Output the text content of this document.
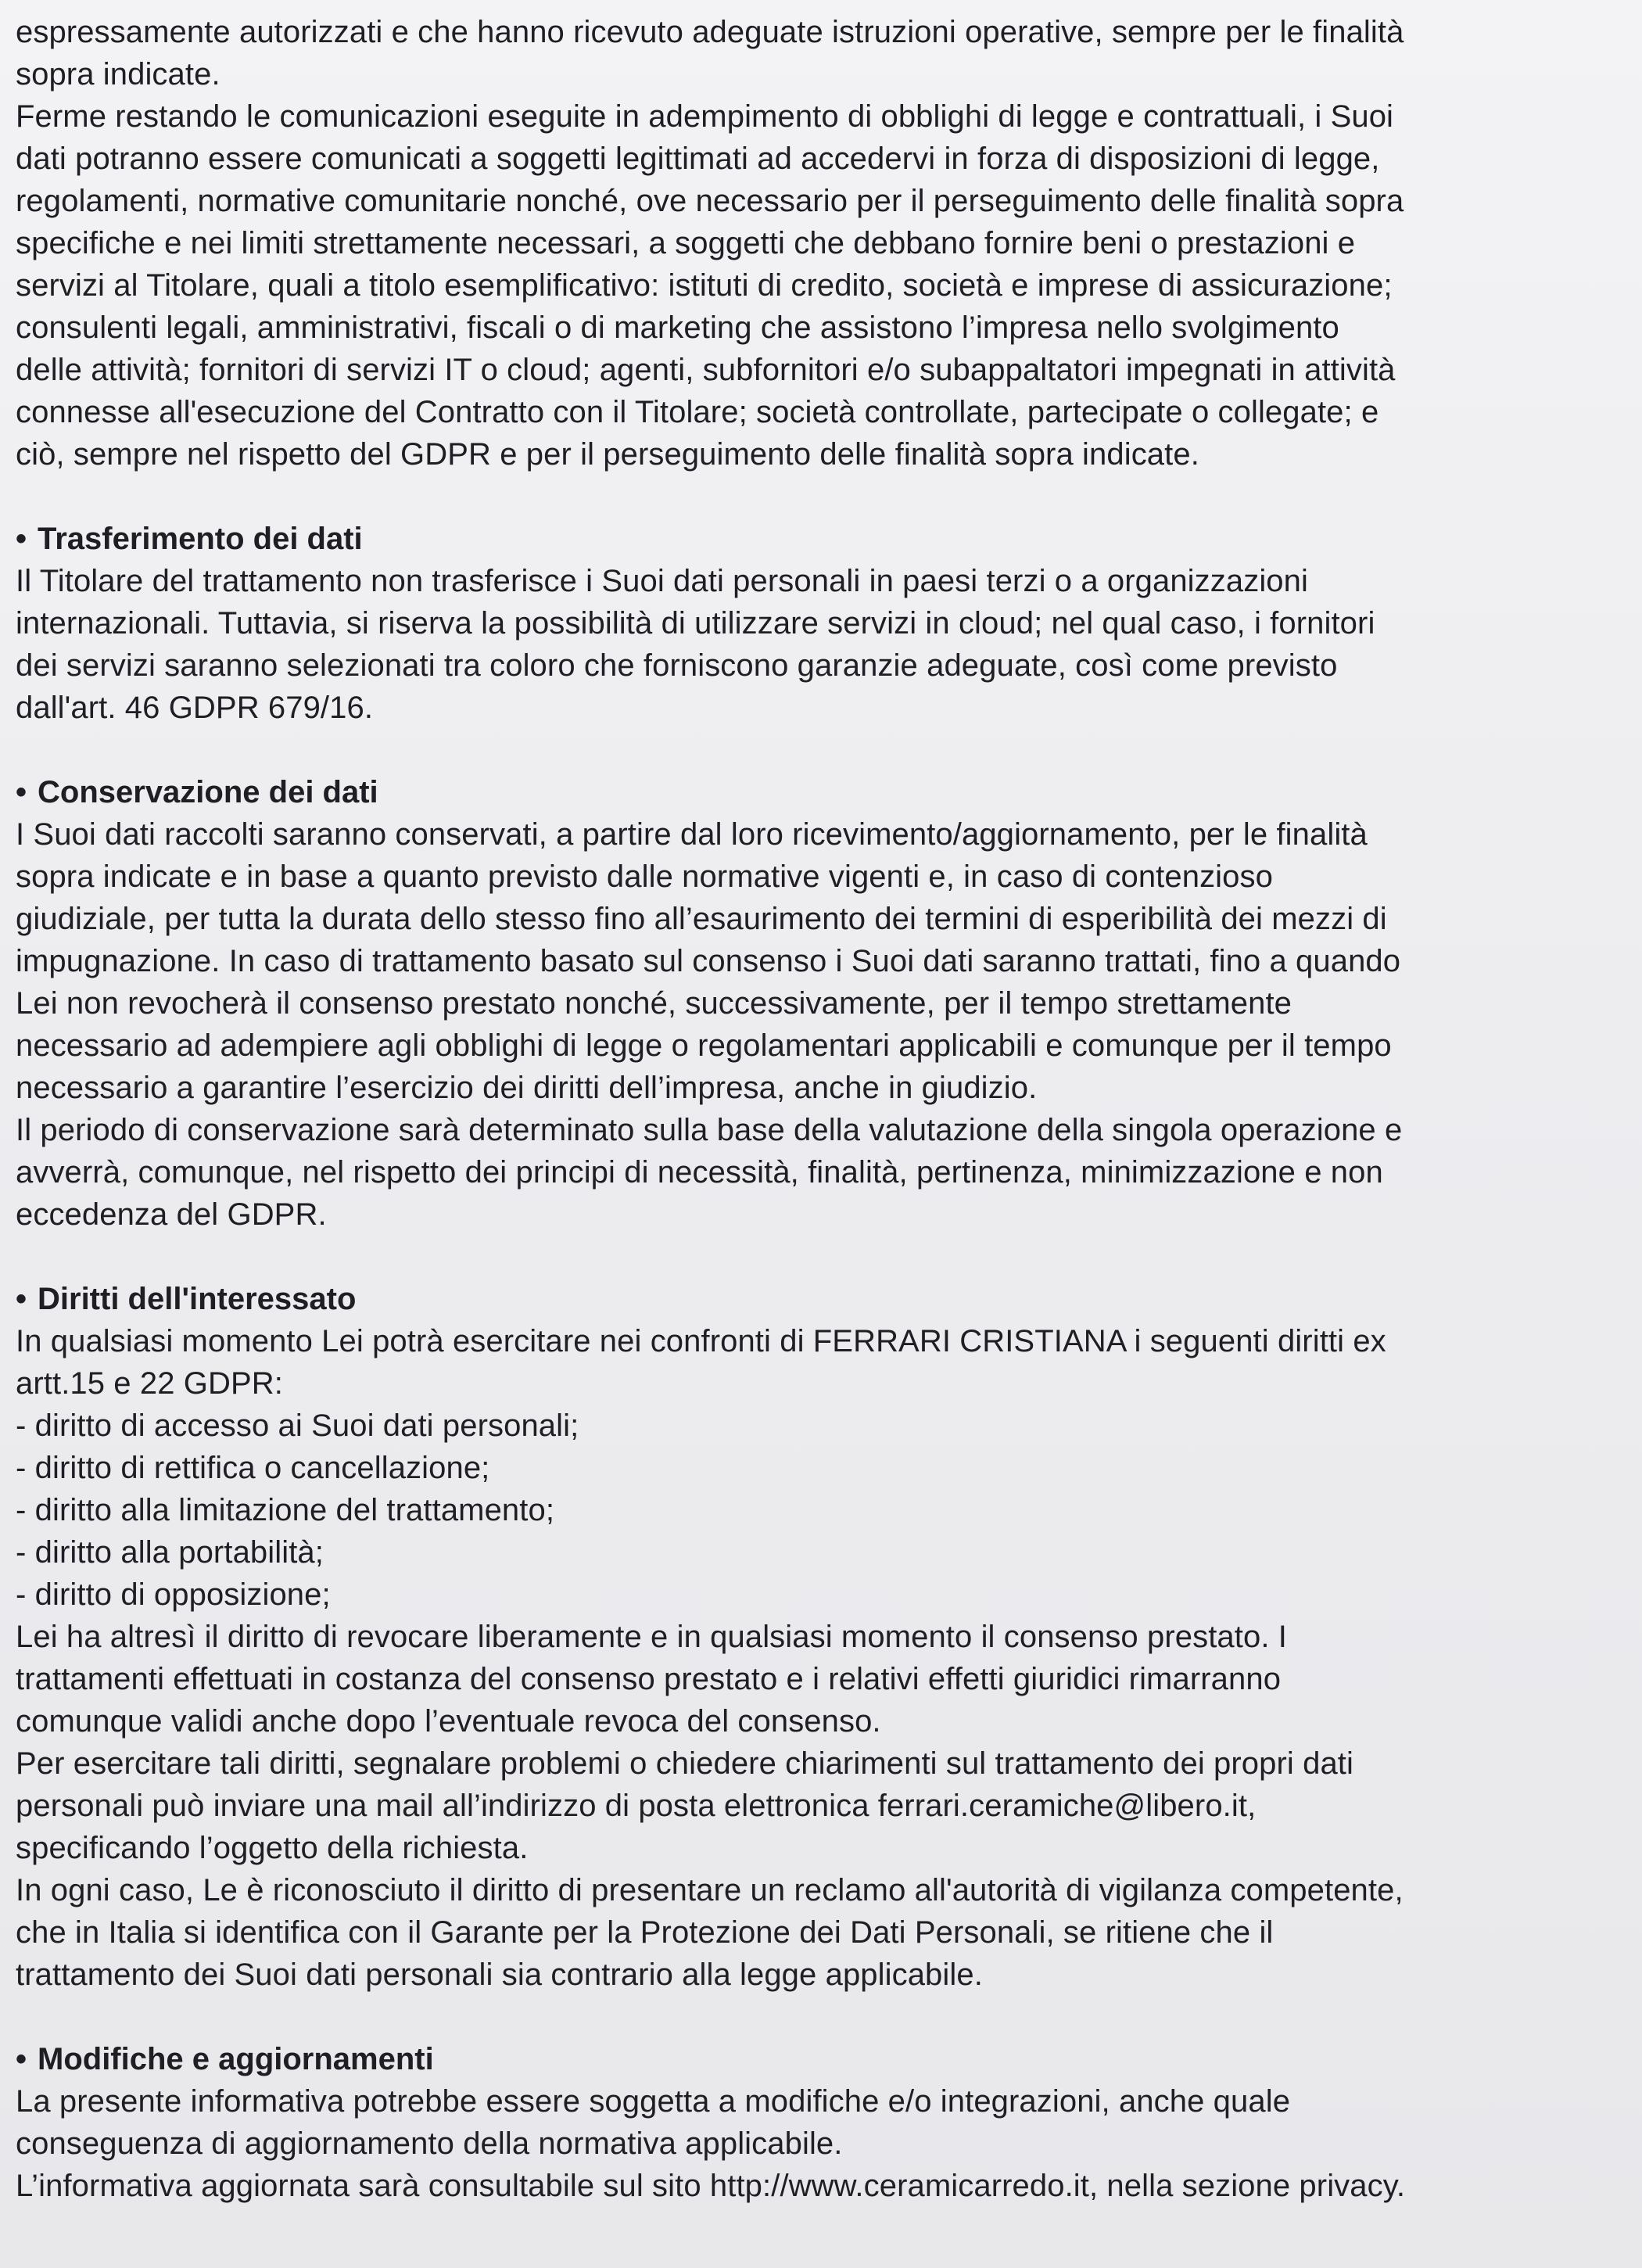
espressamente autorizzati e che hanno ricevuto adeguate istruzioni operative, sempre per le finalità
sopra indicate.
Ferme restando le comunicazioni eseguite in adempimento di obblighi di legge e contrattuali, i Suoi
dati potranno essere comunicati a soggetti legittimati ad accedervi in forza di disposizioni di legge,
regolamenti, normative comunitarie nonché, ove necessario per il perseguimento delle finalità sopra
specifiche e nei limiti strettamente necessari, a soggetti che debbano fornire beni o prestazioni e
servizi al Titolare, quali a titolo esemplificativo: istituti di credito, società e imprese di assicurazione;
consulenti legali, amministrativi, fiscali o di marketing che assistono l’impresa nello svolgimento
delle attività; fornitori di servizi IT o cloud; agenti, subfornitori e/o subappaltatori impegnati in attività
connesse all'esecuzione del Contratto con il Titolare; società controllate, partecipate o collegate; e
ciò, sempre nel rispetto del GDPR e per il perseguimento delle finalità sopra indicate.
• Trasferimento dei dati
Il Titolare del trattamento non trasferisce i Suoi dati personali in paesi terzi o a organizzazioni
internazionali. Tuttavia, si riserva la possibilità di utilizzare servizi in cloud; nel qual caso, i fornitori
dei servizi saranno selezionati tra coloro che forniscono garanzie adeguate, così come previsto
dall'art. 46 GDPR 679/16.
• Conservazione dei dati
I Suoi dati raccolti saranno conservati, a partire dal loro ricevimento/aggiornamento, per le finalità
sopra indicate e in base a quanto previsto dalle normative vigenti e, in caso di contenzioso
giudiziale, per tutta la durata dello stesso fino all’esaurimento dei termini di esperibilità dei mezzi di
impugnazione. In caso di trattamento basato sul consenso i Suoi dati saranno trattati, fino a quando
Lei non revocherà il consenso prestato nonché, successivamente, per il tempo strettamente
necessario ad adempiere agli obblighi di legge o regolamentari applicabili e comunque per il tempo
necessario a garantire l’esercizio dei diritti dell’impresa, anche in giudizio.
Il periodo di conservazione sarà determinato sulla base della valutazione della singola operazione e
avverrà, comunque, nel rispetto dei principi di necessità, finalità, pertinenza, minimizzazione e non
eccedenza del GDPR.
• Diritti dell'interessato
In qualsiasi momento Lei potrà esercitare nei confronti di FERRARI CRISTIANA i seguenti diritti ex
artt.15 e 22 GDPR:
- diritto di accesso ai Suoi dati personali;
- diritto di rettifica o cancellazione;
- diritto alla limitazione del trattamento;
- diritto alla portabilità;
- diritto di opposizione;
Lei ha altresì il diritto di revocare liberamente e in qualsiasi momento il consenso prestato. I
trattamenti effettuati in costanza del consenso prestato e i relativi effetti giuridici rimarranno
comunque validi anche dopo l’eventuale revoca del consenso.
Per esercitare tali diritti, segnalare problemi o chiedere chiarimenti sul trattamento dei propri dati
personali può inviare una mail all’indirizzo di posta elettronica ferrari.ceramiche@libero.it,
specificando l’oggetto della richiesta.
In ogni caso, Le è riconosciuto il diritto di presentare un reclamo all'autorità di vigilanza competente,
che in Italia si identifica con il Garante per la Protezione dei Dati Personali, se ritiene che il
trattamento dei Suoi dati personali sia contrario alla legge applicabile.
• Modifiche e aggiornamenti
La presente informativa potrebbe essere soggetta a modifiche e/o integrazioni, anche quale
conseguenza di aggiornamento della normativa applicabile.
L’informativa aggiornata sarà consultabile sul sito http://www.ceramicarredo.it, nella sezione privacy.
